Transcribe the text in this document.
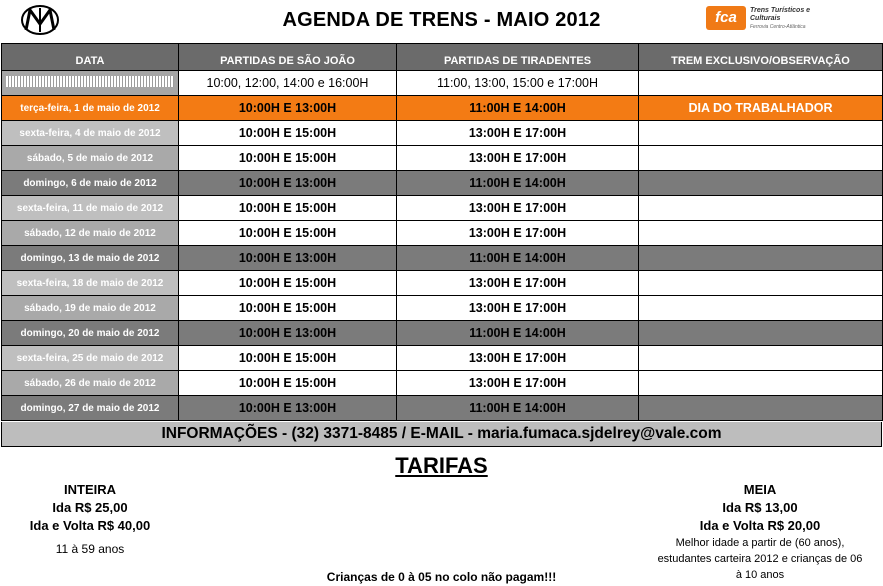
AGENDA DE TRENS - MAIO 2012	fca	Trens Turísticos e Culturais
Ferrovia Centro-Atlântica
DATA	PARTIDAS DE SÃO JOÃO	PARTIDAS DE TIRADENTES	TREM EXCLUSIVO/OBSERVAÇÃO
	10:00, 12:00, 14:00 e 16:00H	11:00, 13:00, 15:00 e 17:00H	
terça-feira, 1 de maio de 2012	10:00H E 13:00H	11:00H E 14:00H	DIA DO TRABALHADOR
sexta-feira, 4 de maio de 2012	10:00H E 15:00H	13:00H E 17:00H	
sábado, 5 de maio de 2012	10:00H E 15:00H	13:00H E 17:00H	
domingo, 6 de maio de 2012	10:00H E 13:00H	11:00H E 14:00H	
sexta-feira, 11 de maio de 2012	10:00H E 15:00H	13:00H E 17:00H	
sábado, 12 de maio de 2012	10:00H E 15:00H	13:00H E 17:00H	
domingo, 13 de maio de 2012	10:00H E 13:00H	11:00H E 14:00H	
sexta-feira, 18 de maio de 2012	10:00H E 15:00H	13:00H E 17:00H	
sábado, 19 de maio de 2012	10:00H E 15:00H	13:00H E 17:00H	
domingo, 20 de maio de 2012	10:00H E 13:00H	11:00H E 14:00H	
sexta-feira, 25 de maio de 2012	10:00H E 15:00H	13:00H E 17:00H	
sábado, 26 de maio de 2012	10:00H E 15:00H	13:00H E 17:00H	
domingo, 27 de maio de 2012	10:00H E 13:00H	11:00H E 14:00H	
INFORMAÇÕES - (32) 3371-8485 / E-MAIL - maria.fumaca.sjdelrey@vale.com
TARIFAS
INTEIRA
Ida R$ 25,00
Ida e Volta R$ 40,00
11 à 59 anos
MEIA
Ida R$ 13,00
Ida e Volta R$ 20,00
Melhor idade a partir de (60 anos),
estudantes carteira 2012 e crianças de 06
à 10 anos
Crianças de 0 à 05 no colo não pagam!!!
